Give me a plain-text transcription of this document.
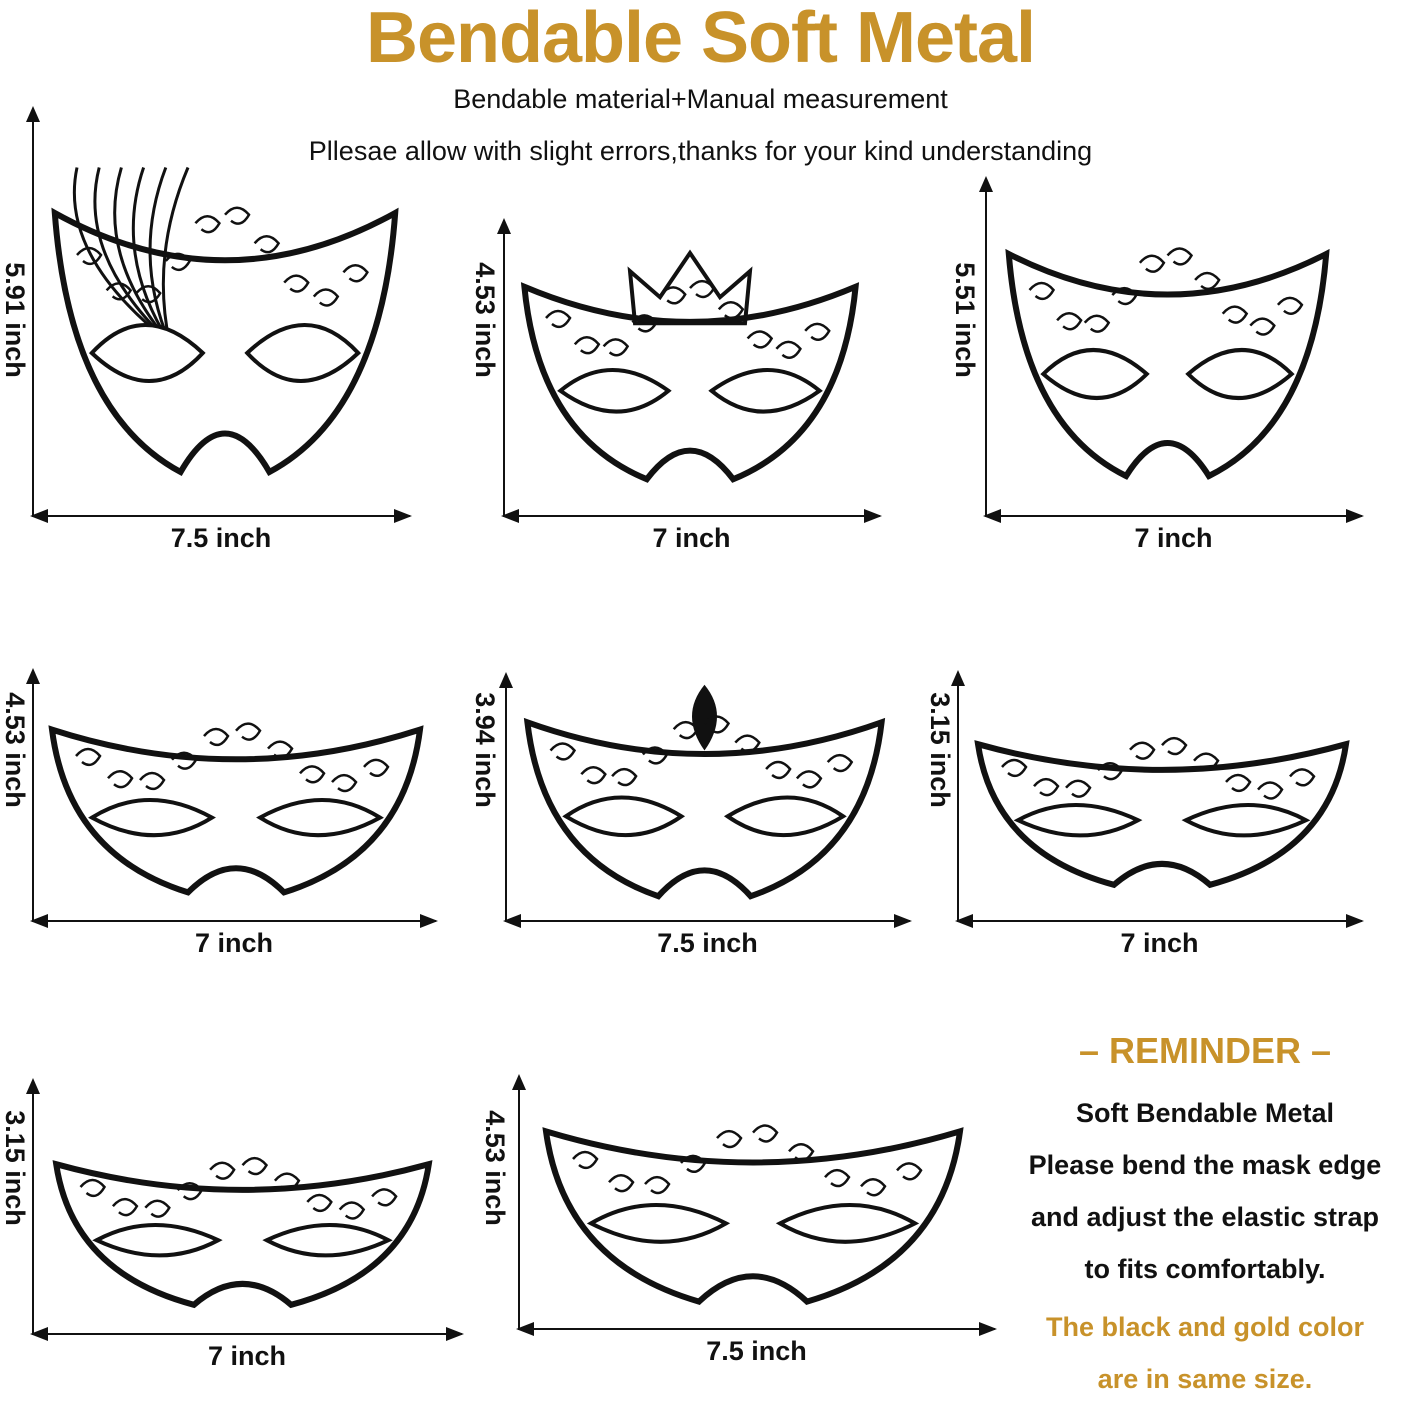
Bendable Soft Metal
Bendable material+Manual measurement
Pllesae allow with slight errors,thanks for your kind understanding
7.5 inch
5.91 inch
7 inch
4.53 inch
7 inch
5.51 inch
7 inch
4.53 inch
7.5 inch
3.94 inch
7 inch
3.15 inch
7 inch
3.15 inch
7.5 inch
4.53 inch
– REMINDER –
Soft Bendable Metal
Please bend the mask edge
and adjust the elastic strap
to fits comfortably.
The black and gold color
are in same size.
